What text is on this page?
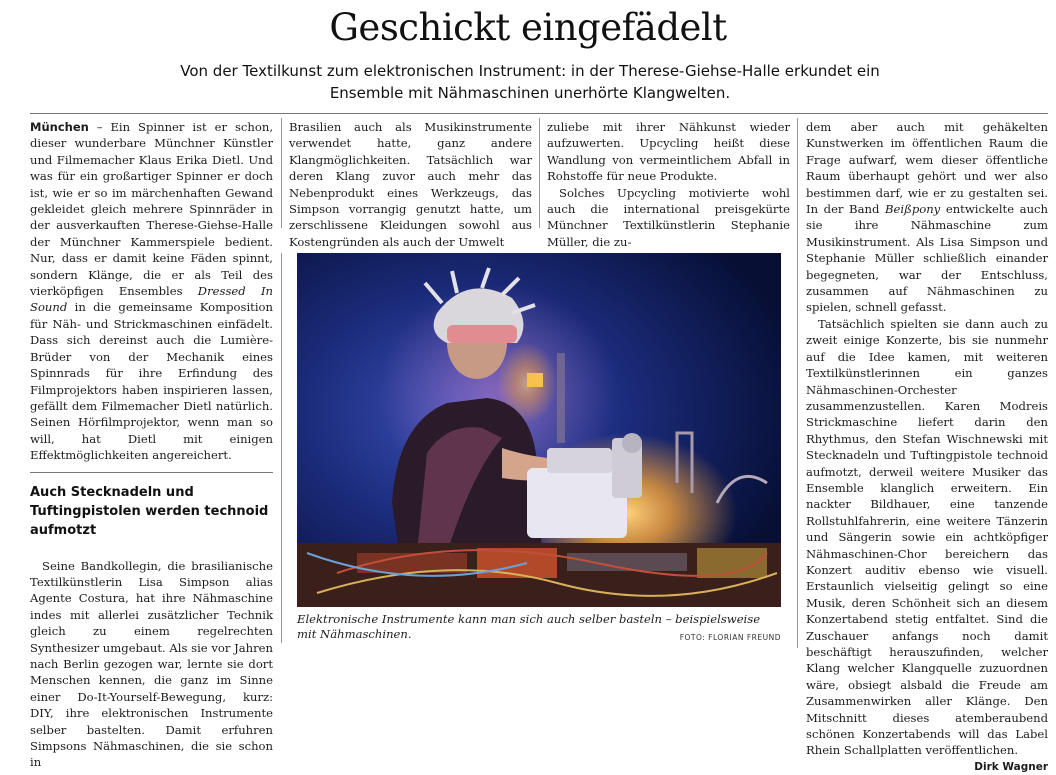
Geschickt eingefädelt

Von der Textilkunst zum elektronischen Instrument: in der Therese-Giehse-Halle erkundet ein Ensemble mit Nähmaschinen unerhörte Klangwelten.

München – Ein Spinner ist er schon, dieser wunderbare Münchner Künstler und Filmemacher Klaus Erika Dietl. Und was für ein großartiger Spinner er doch ist, wie er so im märchenhaften Gewand gekleidet gleich mehrere Spinnräder in der ausverkauften Therese-Giehse-Halle der Münchner Kammerspiele bedient. Nur, dass er damit keine Fäden spinnt, sondern Klänge, die er als Teil des vierköpfigen Ensembles Dressed In Sound in die gemeinsame Komposition für Näh- und Strickmaschinen einfädelt. Dass sich dereinst auch die Lumière-Brüder von der Mechanik eines Spinnrads für ihre Erfindung des Filmprojektors haben inspirieren lassen, gefällt dem Filmemacher Dietl natürlich. Seinen Hörfilmprojektor, wenn man so will, hat Dietl mit einigen Effektmöglichkeiten angereichert.

Auch Stecknadeln und Tuftingpistolen werden technoid aufmotzt

Seine Bandkollegin, die brasilianische Textilkünstlerin Lisa Simpson alias Agente Costura, hat ihre Nähmaschine indes mit allerlei zusätzlicher Technik gleich zu einem regelrechten Synthesizer umgebaut. Als sie vor Jahren nach Berlin gezogen war, lernte sie dort Menschen kennen, die ganz im Sinne einer Do-It-Yourself-Bewegung, kurz: DIY, ihre elektronischen Instrumente selber bastelten. Damit erfuhren Simpsons Nähmaschinen, die sie schon in

Brasilien auch als Musikinstrumente verwendet hatte, ganz andere Klangmöglichkeiten. Tatsächlich war deren Klang zuvor auch mehr das Nebenprodukt eines Werkzeugs, das Simpson vorrangig genutzt hatte, um zerschlissene Kleidungen sowohl aus Kostengründen als auch der Umwelt

zuliebe mit ihrer Nähkunst wieder aufzuwerten. Upcycling heißt diese Wandlung von vermeintlichem Abfall in Rohstoffe für neue Produkte.

Solches Upcycling motivierte wohl auch die international preisgekürte Münchner Textilkünstlerin Stephanie Müller, die zu-

dem aber auch mit gehäkelten Kunstwerken im öffentlichen Raum die Frage aufwarf, wem dieser öffentliche Raum überhaupt gehört und wer also bestimmen darf, wie er zu gestalten sei. In der Band Beißpony entwickelte auch sie ihre Nähmaschine zum Musikinstrument. Als Lisa Simpson und Stephanie Müller schließlich einander begegneten, war der Entschluss, zusammen auf Nähmaschinen zu spielen, schnell gefasst.

Tatsächlich spielten sie dann auch zu zweit einige Konzerte, bis sie nunmehr auf die Idee kamen, mit weiteren Textilkünstlerinnen ein ganzes Nähmaschinen-Orchester zusammenzustellen. Karen Modreis Strickmaschine liefert darin den Rhythmus, den Stefan Wischnewski mit Stecknadeln und Tuftingpistole technoid aufmotzt, derweil weitere Musiker das Ensemble klanglich erweitern. Ein nackter Bildhauer, eine tanzende Rollstuhlfahrerin, eine weitere Tänzerin und Sängerin sowie ein achtköpfiger Nähmaschinen-Chor bereichern das Konzert auditiv ebenso wie visuell. Erstaunlich vielseitig gelingt so eine Musik, deren Schönheit sich an diesem Konzertabend stetig entfaltet. Sind die Zuschauer anfangs noch damit beschäftigt herauszufinden, welcher Klang welcher Klangquelle zuzuordnen wäre, obsiegt alsbald die Freude am Zusammenwirken aller Klänge. Den Mitschnitt dieses atemberaubend schönen Konzertabends will das Label Rhein Schallplatten veröffentlichen.
Dirk Wagner

Elektronische Instrumente kann man sich auch selber basteln – beispielsweise mit Nähmaschinen.	FOTO: FLORIAN FREUND
